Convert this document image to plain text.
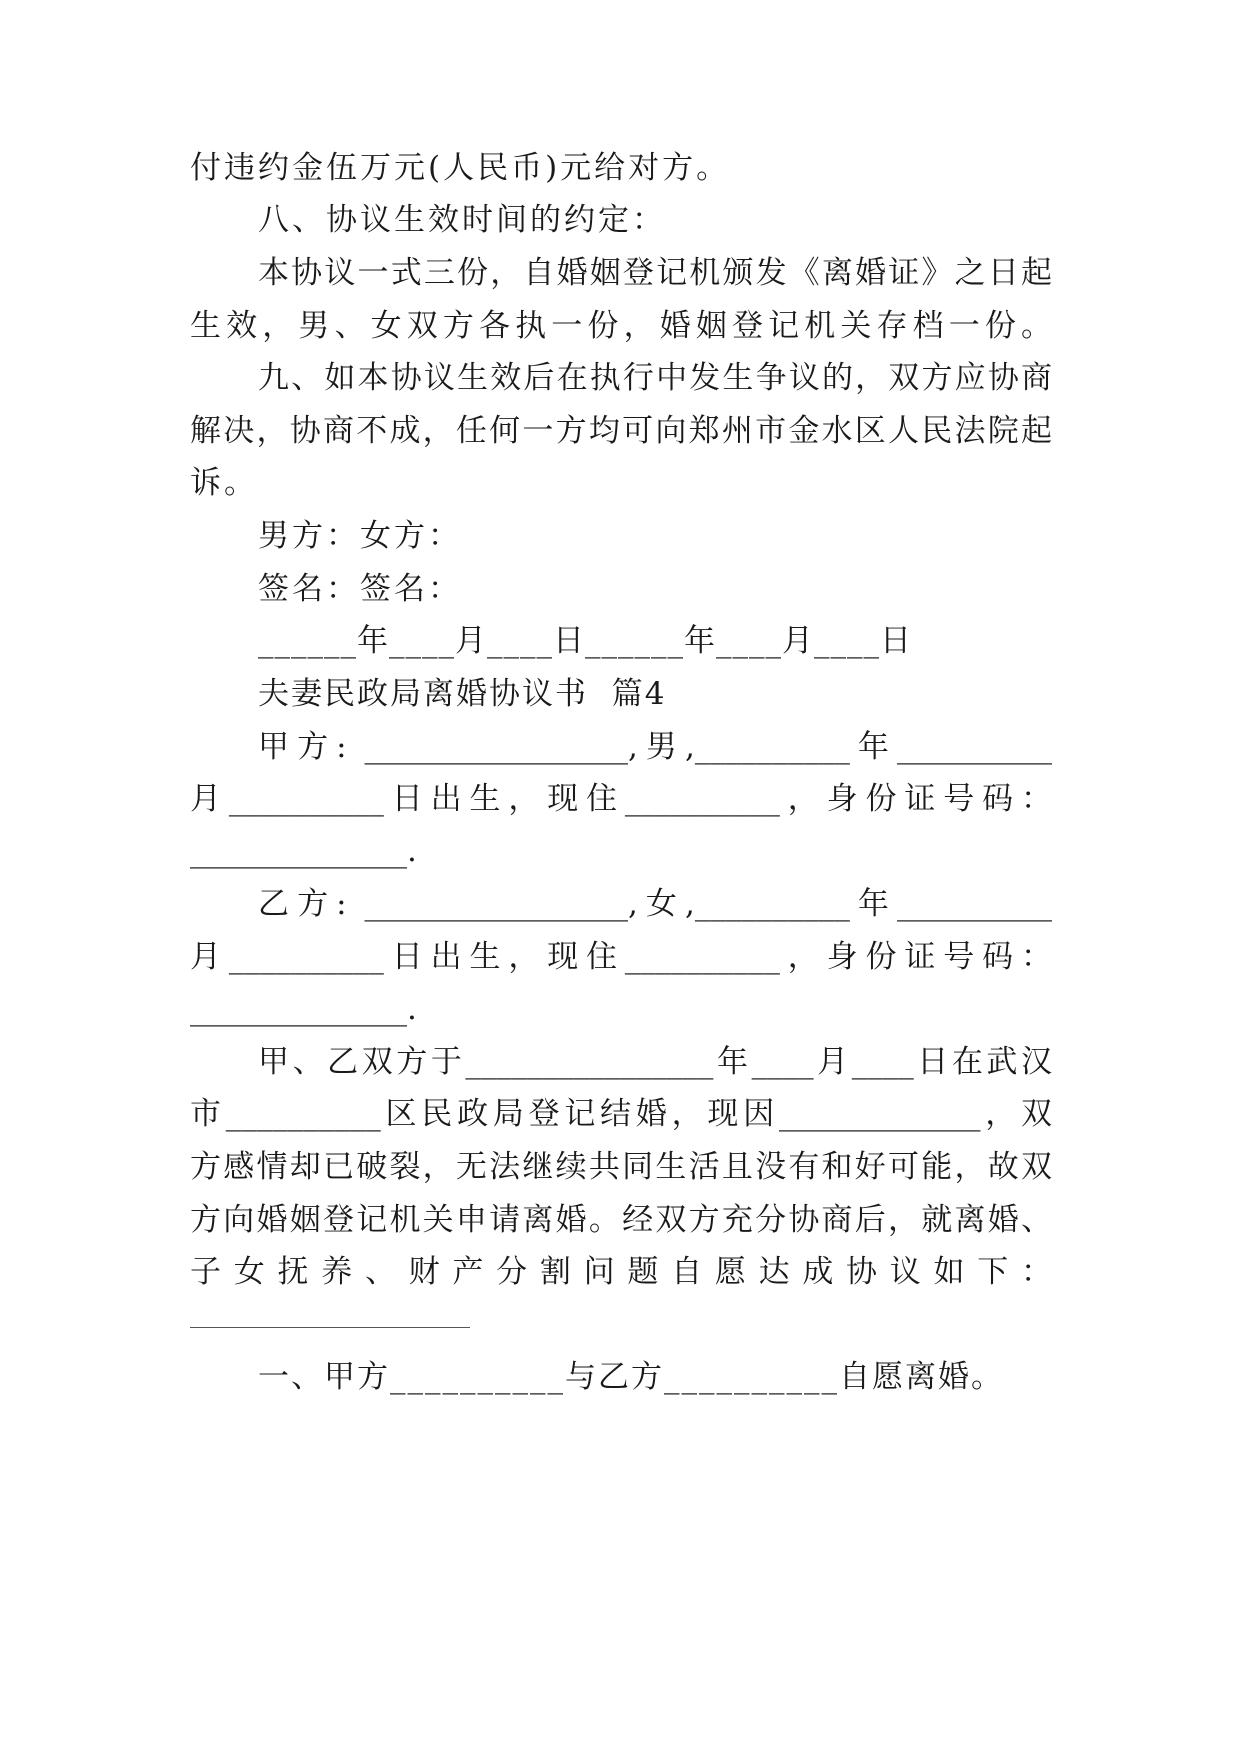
付违约金伍万元(人民币)元给对方。
八、协议生效时间的约定：
本协议一式三份，自婚姻登记机颁发《离婚证》之日起
生效，男、女双方各执一份，婚姻登记机关存档一份。
九、如本协议生效后在执行中发生争议的，双方应协商
解决，协商不成，任何一方均可向郑州市金水区人民法院起
诉。
男方：女方：
签名：签名：
______年____月____日______年____月____日
夫妻民政局离婚协议书  篇4
甲方: _________________,男,__________年__________
月__________日出生，现住__________，身份证号码：
______________.
乙方: _________________,女,__________年__________
月__________日出生，现住__________，身份证号码：
______________.
甲、乙双方于________________年____月____日在武汉
市__________区民政局登记结婚，现因_____________，双
方感情却已破裂，无法继续共同生活且没有和好可能，故双
方向婚姻登记机关申请离婚。经双方充分协商后，就离婚、
子女抚养、财产分割问题自愿达成协议如下：
一、甲方__________与乙方__________自愿离婚。
